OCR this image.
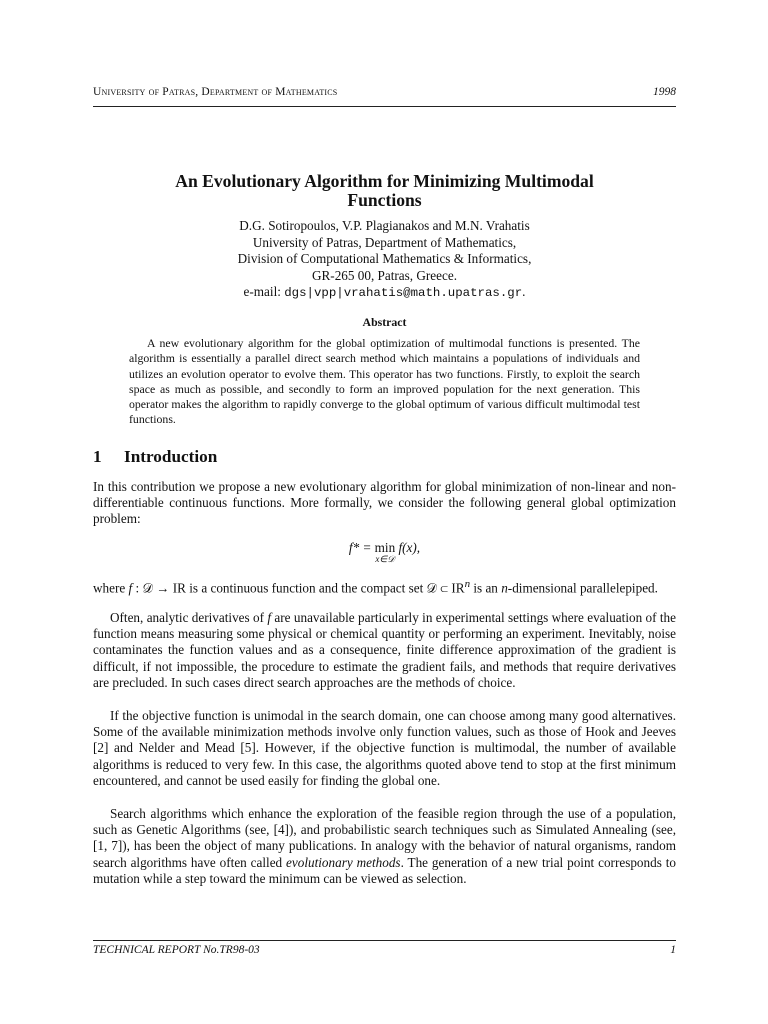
University of Patras, Department of Mathematics	1998
An Evolutionary Algorithm for Minimizing Multimodal
Functions
D.G. Sotiropoulos, V.P. Plagianakos and M.N. Vrahatis
University of Patras, Department of Mathematics,
Division of Computational Mathematics & Informatics,
GR-265 00, Patras, Greece.
e-mail: dgs|vpp|vrahatis@math.upatras.gr.
Abstract
A new evolutionary algorithm for the global optimization of multimodal functions is presented. The algorithm is essentially a parallel direct search method which maintains a populations of individuals and utilizes an evolution operator to evolve them. This operator has two functions. Firstly, to exploit the search space as much as possible, and secondly to form an improved population for the next generation. This operator makes the algorithm to rapidly converge to the global optimum of various difficult multimodal test functions.
1 Introduction
In this contribution we propose a new evolutionary algorithm for global minimization of non-linear and non-differentiable continuous functions. More formally, we consider the following general global optimization problem:
f* = min
x∈𝒟
f(x),
where f : 𝒟 → IR is a continuous function and the compact set 𝒟 ⊂ $IR^n$ is an n-dimensional parallelepiped.
Often, analytic derivatives of f are unavailable particularly in experimental settings where evaluation of the function means measuring some physical or chemical quantity or performing an experiment. Inevitably, noise contaminates the function values and as a consequence, finite difference approximation of the gradient is difficult, if not impossible, the procedure to estimate the gradient fails, and methods that require derivatives are precluded. In such cases direct search approaches are the methods of choice.
If the objective function is unimodal in the search domain, one can choose among many good alternatives. Some of the available minimization methods involve only function values, such as those of Hook and Jeeves [2] and Nelder and Mead [5]. However, if the objective function is multimodal, the number of available algorithms is reduced to very few. In this case, the algorithms quoted above tend to stop at the first minimum encountered, and cannot be used easily for finding the global one.
Search algorithms which enhance the exploration of the feasible region through the use of a population, such as Genetic Algorithms (see, [4]), and probabilistic search techniques such as Simulated Annealing (see, [1, 7]), has been the object of many publications. In analogy with the behavior of natural organisms, random search algorithms have often called evolutionary methods. The generation of a new trial point corresponds to mutation while a step toward the minimum can be viewed as selection.
TECHNICAL REPORT No.TR98-03	1
